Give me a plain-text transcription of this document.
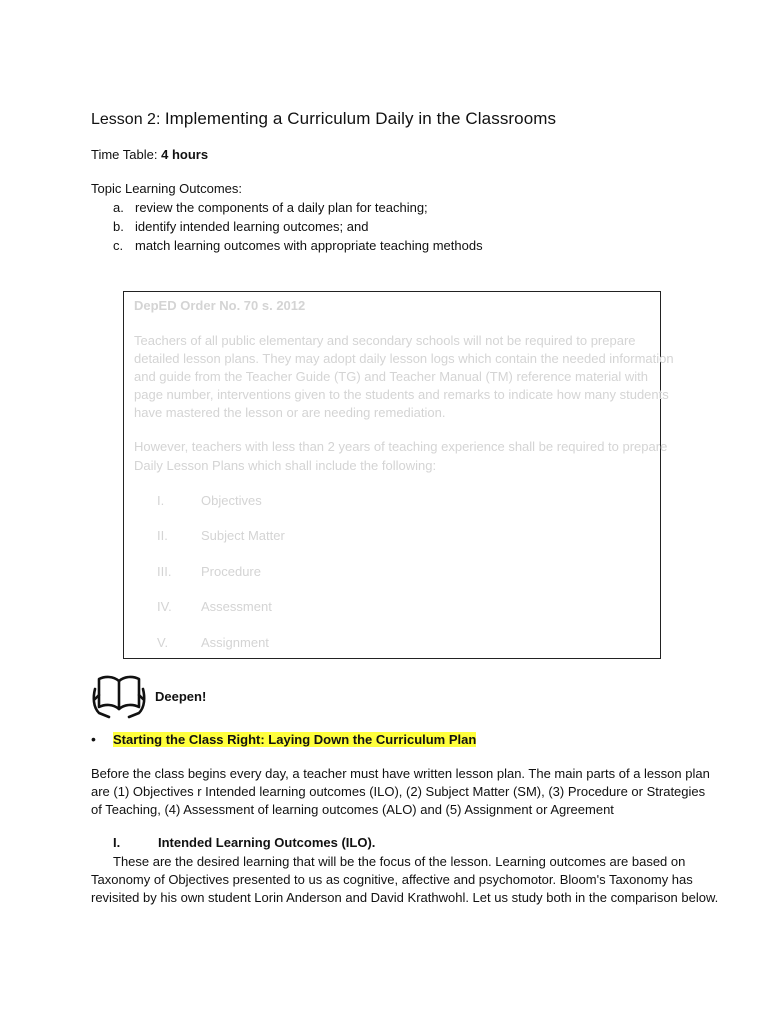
Lesson 2: Implementing a Curriculum Daily in the Classrooms
Time Table: 4 hours
Topic Learning Outcomes:
a. review the components of a daily plan for teaching;
b. identify intended learning outcomes; and
c. match learning outcomes with appropriate teaching methods
DepED Order No. 70 s. 2012
Teachers of all public elementary and secondary schools will not be required to prepare
detailed lesson plans. They may adopt daily lesson logs which contain the needed information
and guide from the Teacher Guide (TG) and Teacher Manual (TM) reference material with
page number, interventions given to the students and remarks to indicate how many students
have mastered the lesson or are needing remediation.
However, teachers with less than 2 years of teaching experience shall be required to prepare
Daily Lesson Plans which shall include the following:
I.	Objectives
II.	Subject Matter
III. Procedure
IV. Assessment
V.	Assignment
Deepen!
• Starting the Class Right: Laying Down the Curriculum Plan
Before the class begins every day, a teacher must have written lesson plan. The main parts of a lesson plan
are (1) Objectives r Intended learning outcomes (ILO), (2) Subject Matter (SM), (3) Procedure or Strategies
of Teaching, (4) Assessment of learning outcomes (ALO) and (5) Assignment or Agreement
I.	Intended Learning Outcomes (ILO).
These are the desired learning that will be the focus of the lesson. Learning outcomes are based on
Taxonomy of Objectives presented to us as cognitive, affective and psychomotor. Bloom's Taxonomy has
revisited by his own student Lorin Anderson and David Krathwohl. Let us study both in the comparison below.
